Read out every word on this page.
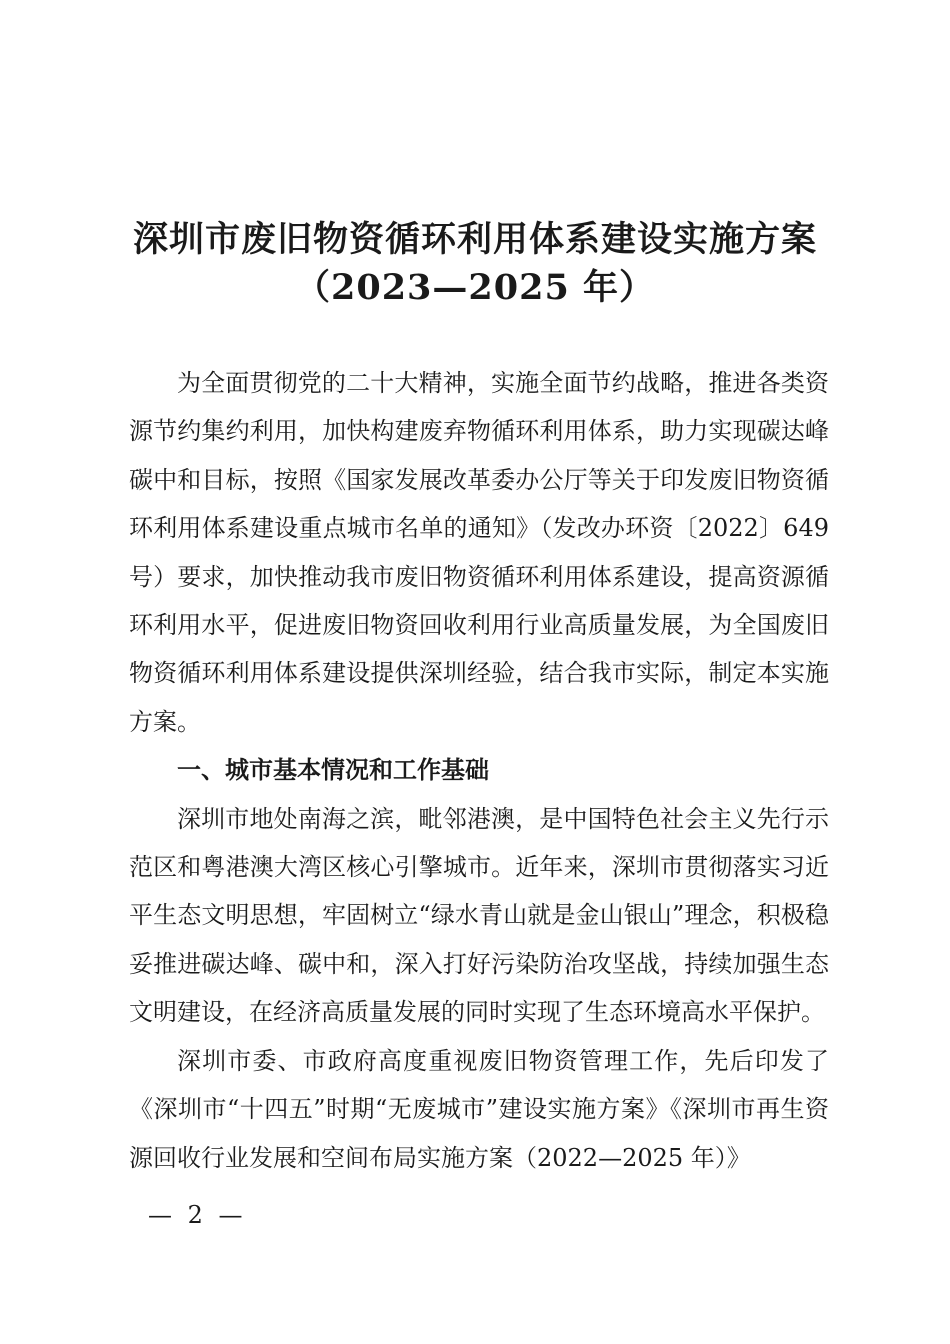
深圳市废旧物资循环利用体系建设实施方案
（2023—2025 年）

为全面贯彻党的二十大精神，实施全面节约战略，推进各类资源节约集约利用，加快构建废弃物循环利用体系，助力实现碳达峰碳中和目标，按照《国家发展改革委办公厅等关于印发废旧物资循环利用体系建设重点城市名单的通知》（发改办环资〔2022〕649号）要求，加快推动我市废旧物资循环利用体系建设，提高资源循环利用水平，促进废旧物资回收利用行业高质量发展，为全国废旧物资循环利用体系建设提供深圳经验，结合我市实际，制定本实施方案。

一、城市基本情况和工作基础

深圳市地处南海之滨，毗邻港澳，是中国特色社会主义先行示范区和粤港澳大湾区核心引擎城市。近年来，深圳市贯彻落实习近平生态文明思想，牢固树立“绿水青山就是金山银山”理念，积极稳妥推进碳达峰、碳中和，深入打好污染防治攻坚战，持续加强生态文明建设，在经济高质量发展的同时实现了生态环境高水平保护。

深圳市委、市政府高度重视废旧物资管理工作，先后印发了《深圳市“十四五”时期“无废城市”建设实施方案》《深圳市再生资源回收行业发展和空间布局实施方案（2022—2025 年）》

— 2 —
